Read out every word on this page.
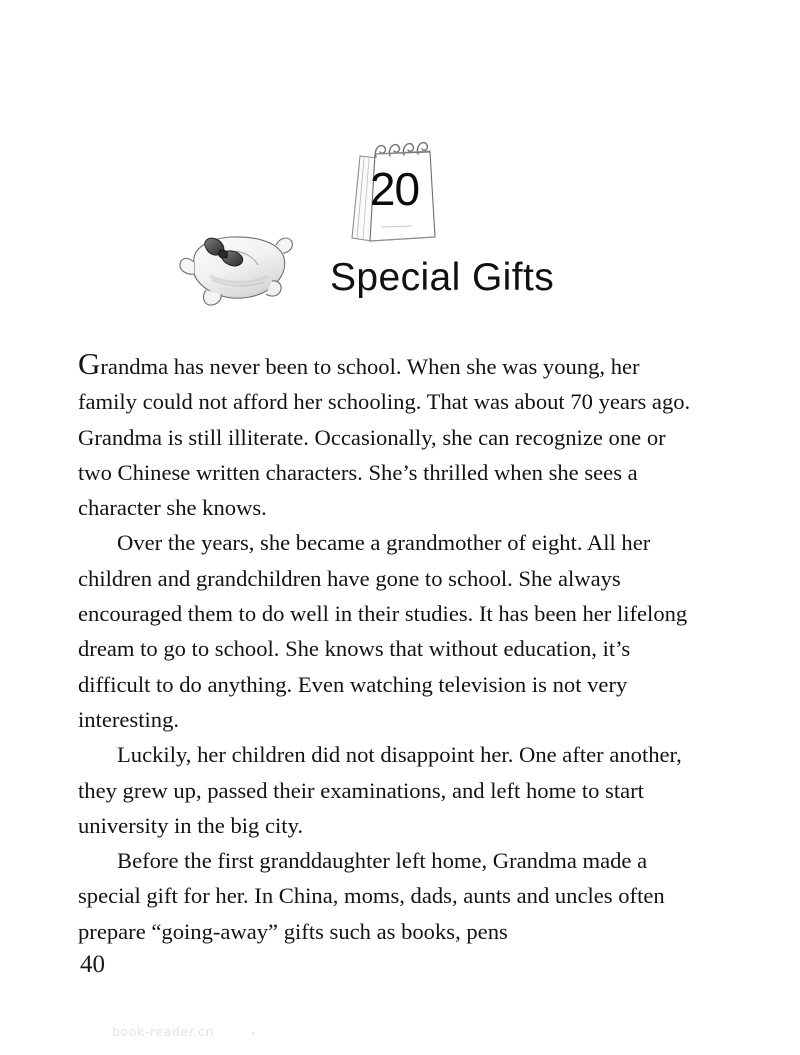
20
Special Gifts

Grandma has never been to school. When she was young, her family could not afford her schooling. That was about 70 years ago. Grandma is still illiterate. Occasionally, she can recognize one or two Chinese written characters. She’s thrilled when she sees a character she knows.

Over the years, she became a grandmother of eight. All her children and grandchildren have gone to school. She always encouraged them to do well in their studies. It has been her lifelong dream to go to school. She knows that without education, it’s difficult to do anything. Even watching television is not very interesting.

Luckily, her children did not disappoint her. One after another, they grew up, passed their examinations, and left home to start university in the big city.

Before the first granddaughter left home, Grandma made a special gift for her. In China, moms, dads, aunts and uncles often prepare “going-away” gifts such as books, pens

40
book-reader.cn
